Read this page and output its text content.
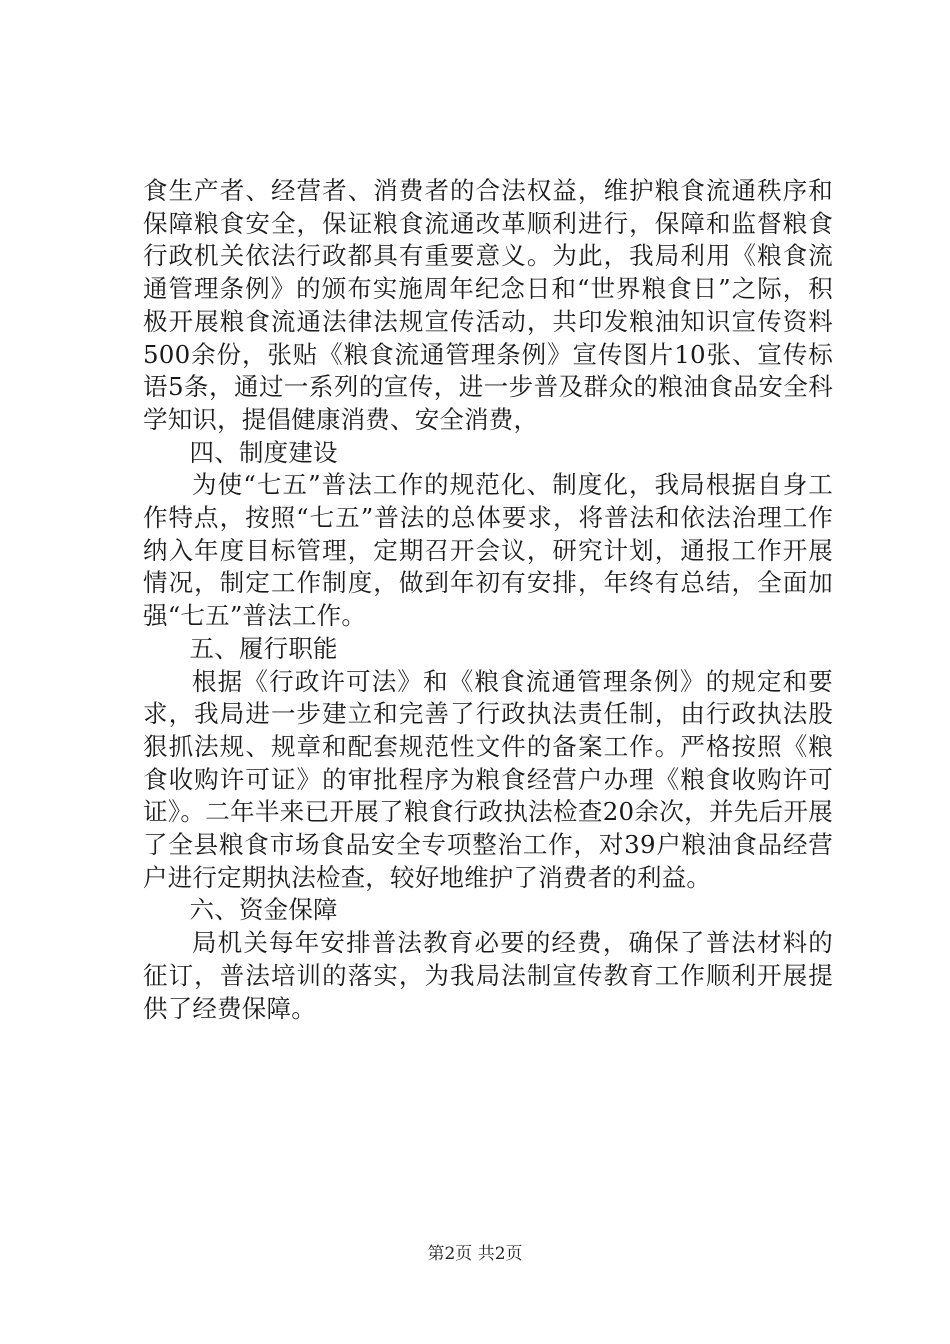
食生产者、经营者、消费者的合法权益，维护粮食流通秩序和保障粮食安全，保证粮食流通改革顺利进行，保障和监督粮食行政机关依法行政都具有重要意义。为此，我局利用《粮食流通管理条例》的颁布实施周年纪念日和“世界粮食日”之际，积极开展粮食流通法律法规宣传活动，共印发粮油知识宣传资料500余份，张贴《粮食流通管理条例》宣传图片10张、宣传标语5条，通过一系列的宣传，进一步普及群众的粮油食品安全科学知识，提倡健康消费、安全消费，

四、制度建设

为使“七五”普法工作的规范化、制度化，我局根据自身工作特点，按照“七五”普法的总体要求，将普法和依法治理工作纳入年度目标管理，定期召开会议，研究计划，通报工作开展情况，制定工作制度，做到年初有安排，年终有总结，全面加强“七五”普法工作。

五、履行职能

根据《行政许可法》和《粮食流通管理条例》的规定和要求，我局进一步建立和完善了行政执法责任制，由行政执法股狠抓法规、规章和配套规范性文件的备案工作。严格按照《粮食收购许可证》的审批程序为粮食经营户办理《粮食收购许可证》。二年半来已开展了粮食行政执法检查20余次，并先后开展了全县粮食市场食品安全专项整治工作，对39户粮油食品经营户进行定期执法检查，较好地维护了消费者的利益。

六、资金保障

局机关每年安排普法教育必要的经费，确保了普法材料的征订，普法培训的落实，为我局法制宣传教育工作顺利开展提供了经费保障。

第2页 共2页
